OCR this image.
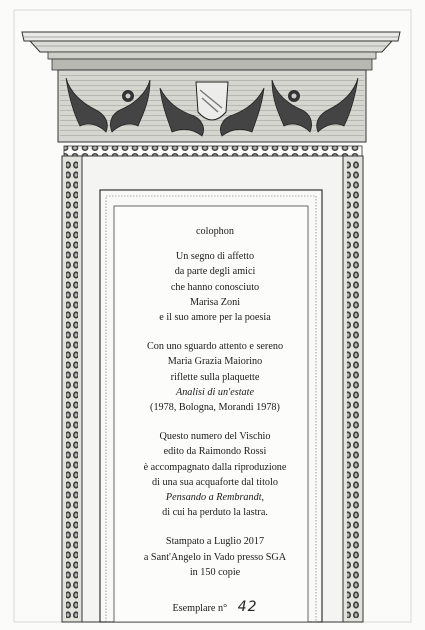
colophon
Un segno di affetto
da parte degli amici
che hanno conosciuto
Marisa Zoni
e il suo amore per la poesia
Con uno sguardo attento e sereno
Maria Grazia Maiorino
riflette sulla plaquette
Analisi di un'estate
(1978, Bologna, Morandi 1978)
Questo numero del Vischio
edito da Raimondo Rossi
è accompagnato dalla riproduzione
di una sua acquaforte dal titolo
Pensando a Rembrandt,
di cui ha perduto la lastra.
Stampato a Luglio 2017
a Sant'Angelo in Vado presso SGA
in 150 copie
Esemplare n° 42
